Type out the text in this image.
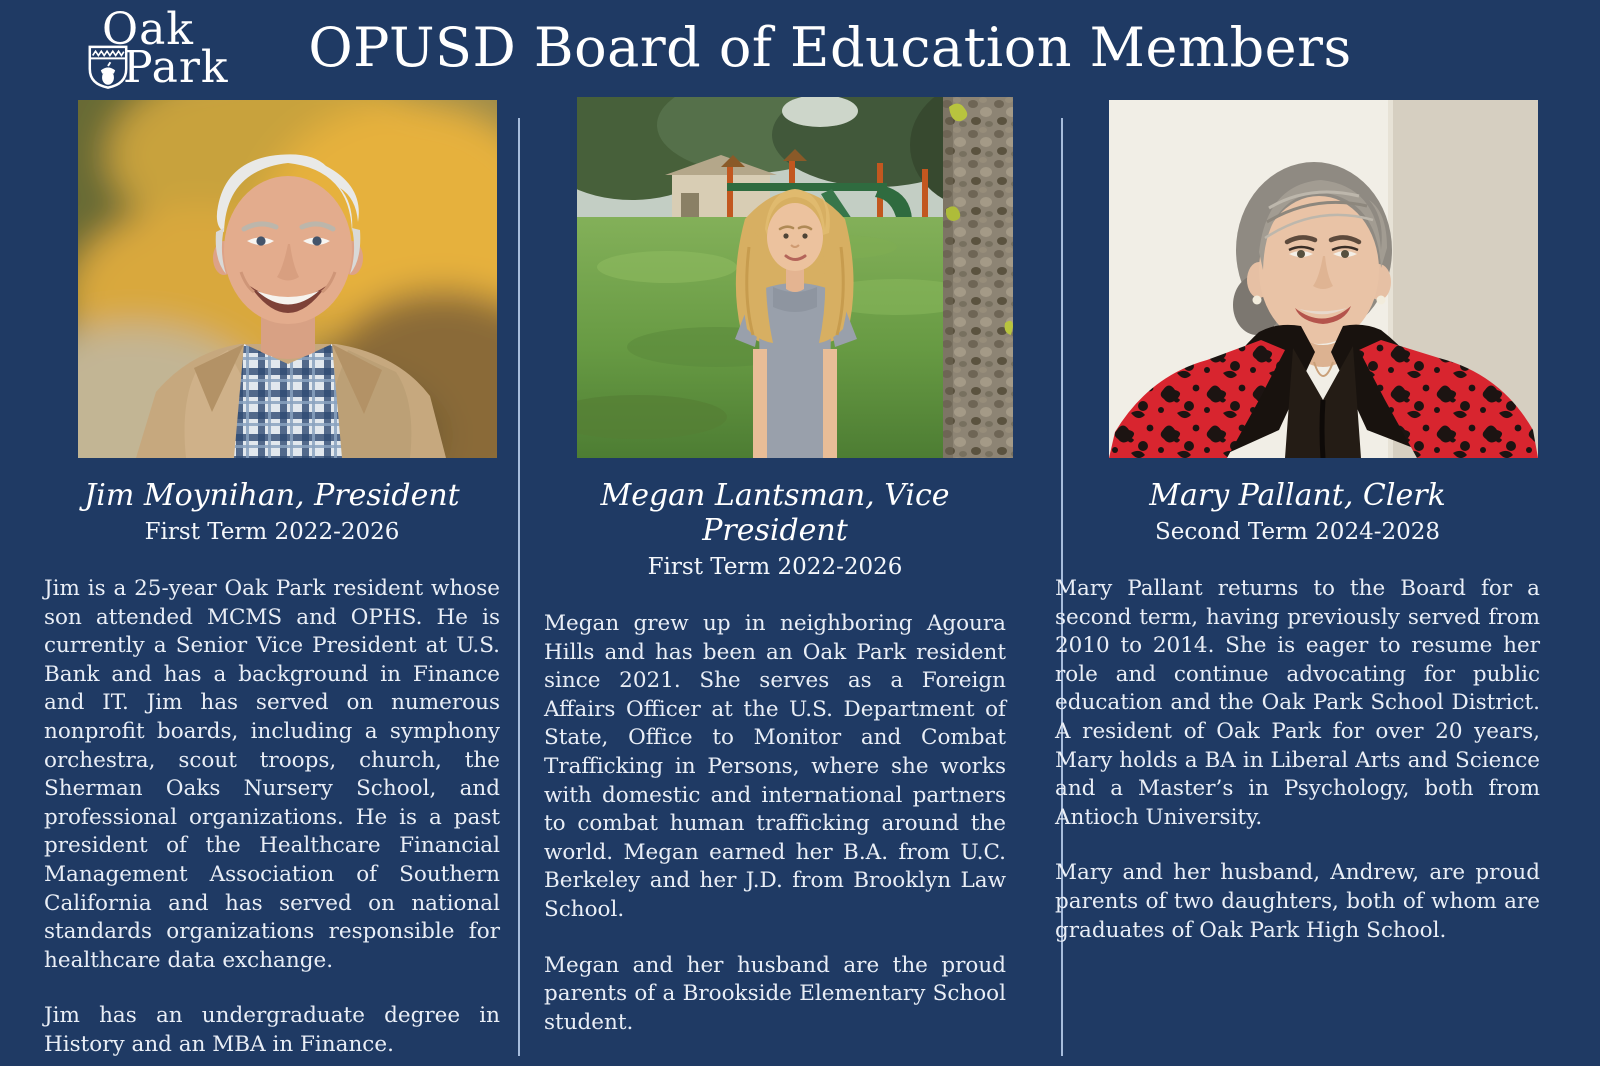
Oak
Park	OPUSD Board of Education Members
Jim Moynihan, President
First Term 2022-2026

Jim is a 25-year Oak Park resident whose son attended MCMS and OPHS. He is currently a Senior Vice President at U.S. Bank and has a background in Finance and IT. Jim has served on numerous nonprofit boards, including a symphony orchestra, scout troops, church, the Sherman Oaks Nursery School, and professional organizations. He is a past president of the Healthcare Financial Management Association of Southern California and has served on national standards organizations responsible for healthcare data exchange.

Jim has an undergraduate degree in History and an MBA in Finance.

Megan Lantsman, Vice President
First Term 2022-2026

Megan grew up in neighboring Agoura Hills and has been an Oak Park resident since 2021. She serves as a Foreign Affairs Officer at the U.S. Department of State, Office to Monitor and Combat Trafficking in Persons, where she works with domestic and international partners to combat human trafficking around the world. Megan earned her B.A. from U.C. Berkeley and her J.D. from Brooklyn Law School.

Megan and her husband are the proud parents of a Brookside Elementary School student.

Mary Pallant, Clerk
Second Term 2024-2028

Mary Pallant returns to the Board for a second term, having previously served from 2010 to 2014. She is eager to resume her role and continue advocating for public education and the Oak Park School District. A resident of Oak Park for over 20 years, Mary holds a BA in Liberal Arts and Science and a Master’s in Psychology, both from Antioch University.

Mary and her husband, Andrew, are proud parents of two daughters, both of whom are graduates of Oak Park High School.
